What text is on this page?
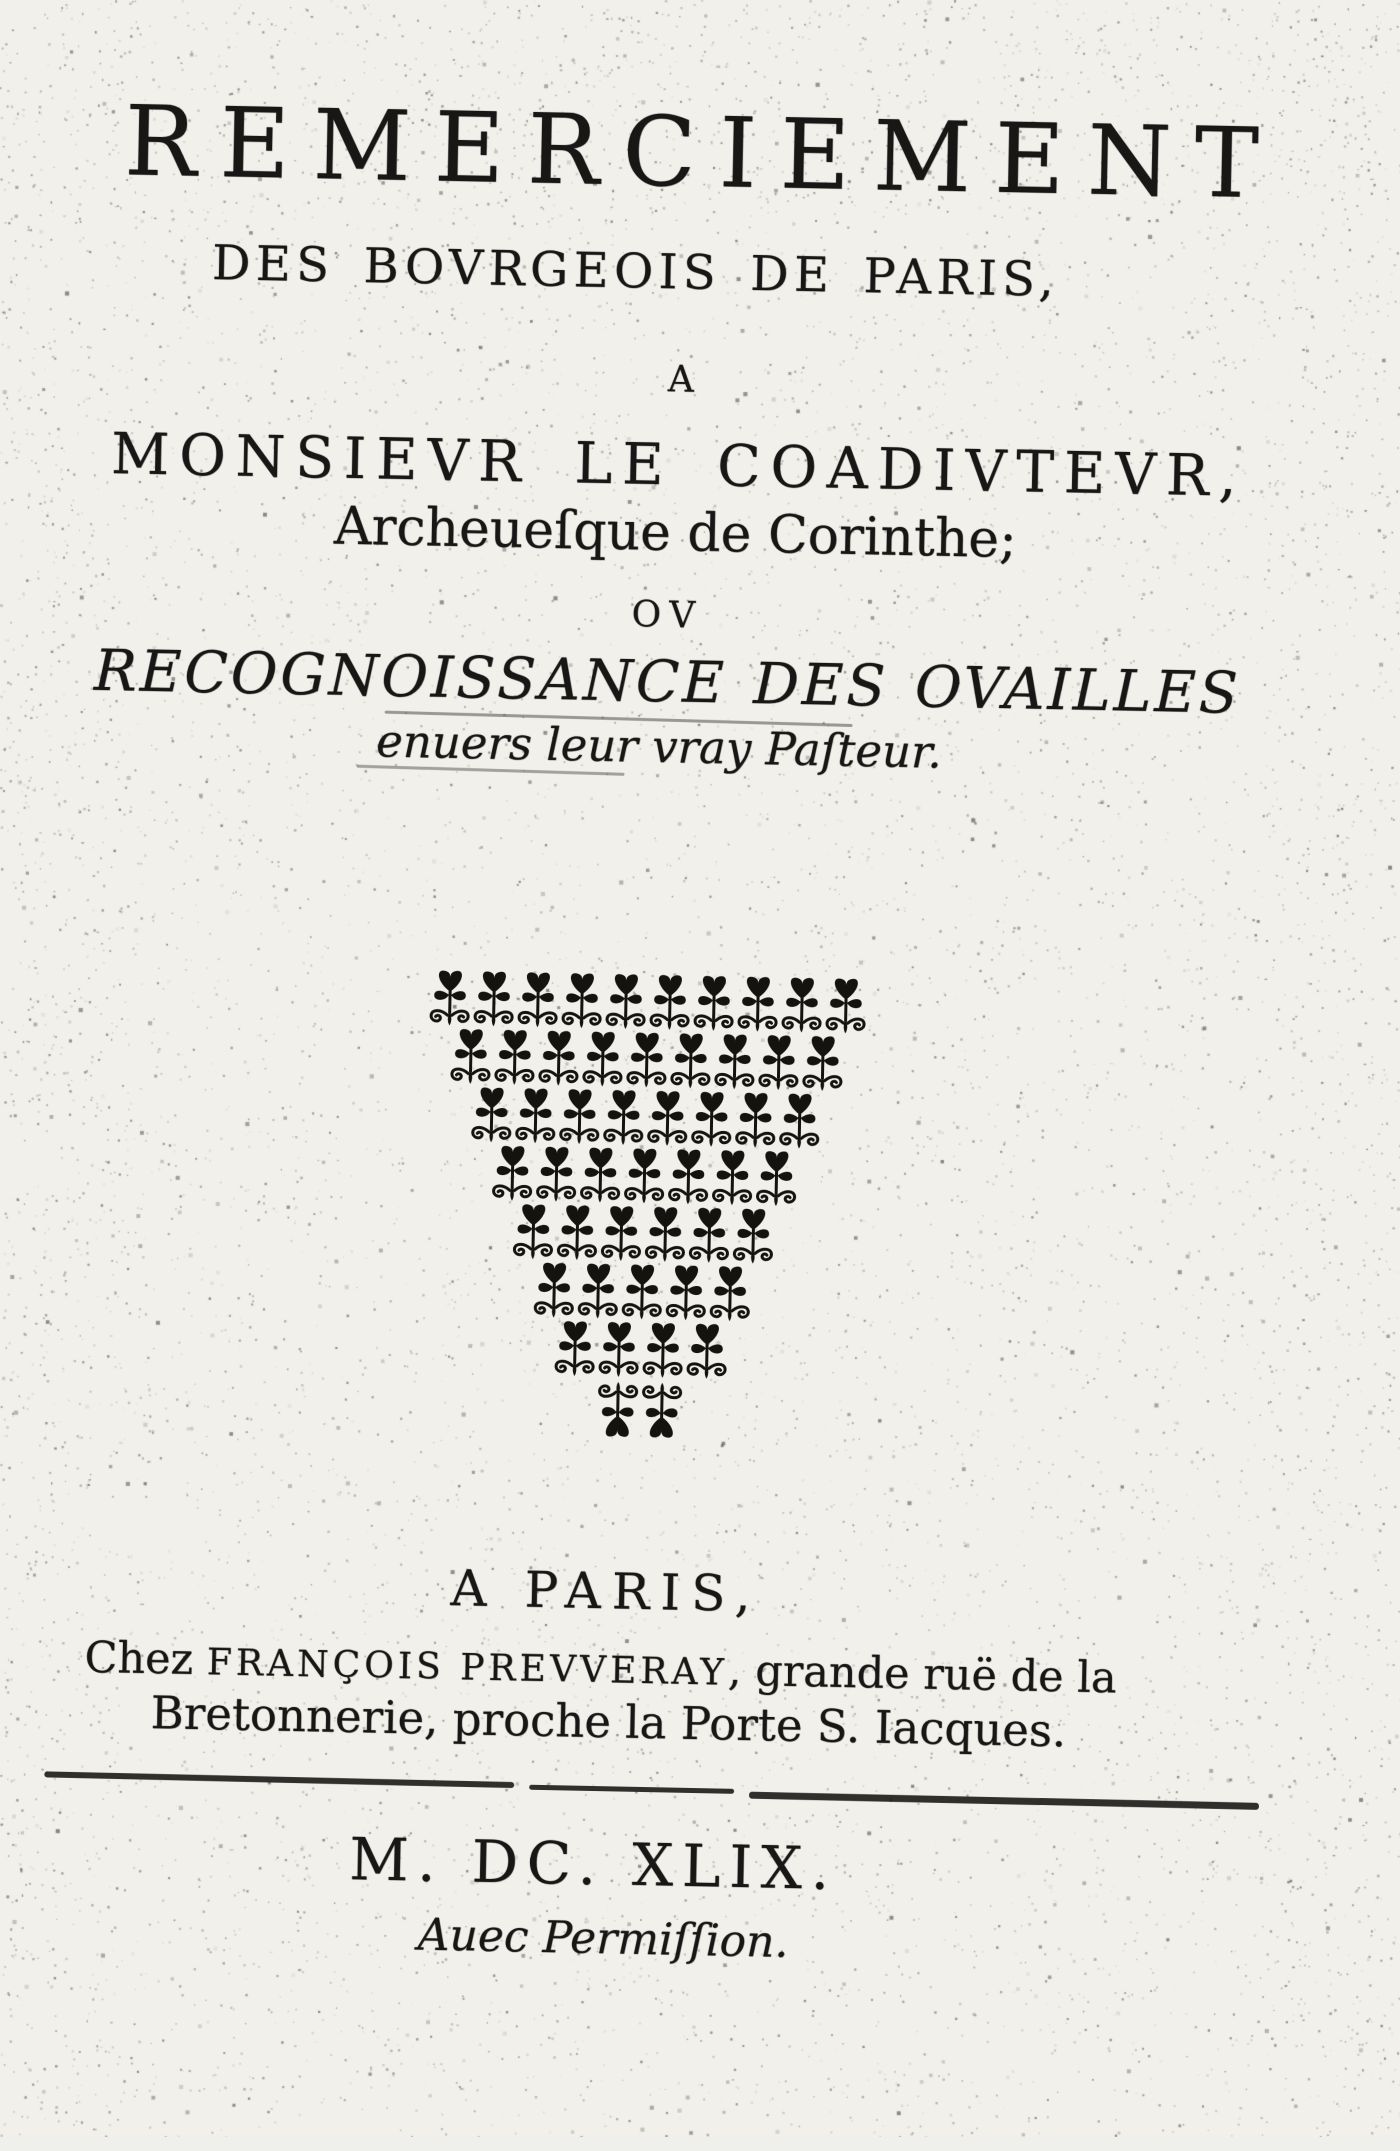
REMERCIEMENT
DES BOVRGEOIS DE PARIS,
A
MONSIEVR LE COADIVTEVR,
Archeueſque de Corinthe;
OV
RECOGNOISSANCE DES OVAILLES
enuers leur vray Paſteur.
A PARIS,
Chez FRANÇOIS PREVVERAY, grande ruë de la
Bretonnerie, proche la Porte S. Iacques.
M. DC. XLIX.
Auec Permiſſion.
